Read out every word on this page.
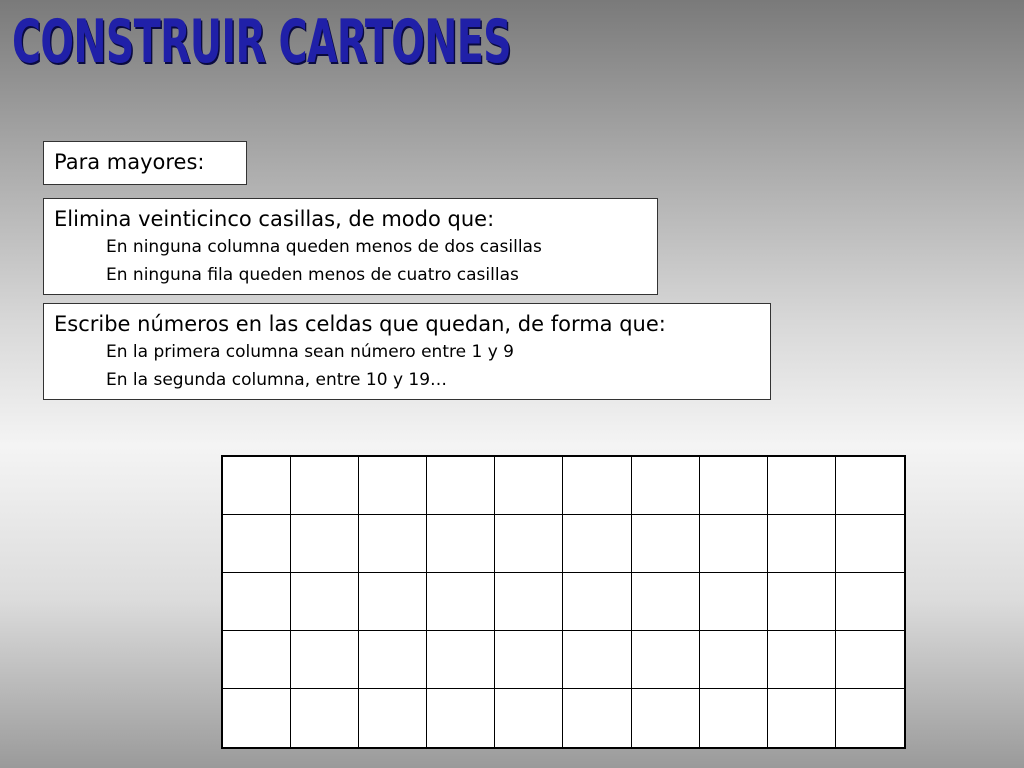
CONSTRUIR CARTONES
Para mayores:
Elimina veinticinco casillas, de modo que:
En ninguna columna queden menos de dos casillas
En ninguna fila queden menos de cuatro casillas
Escribe números en las celdas que quedan, de forma que:
En la primera columna sean número entre 1 y 9
En la segunda columna, entre 10 y 19…
